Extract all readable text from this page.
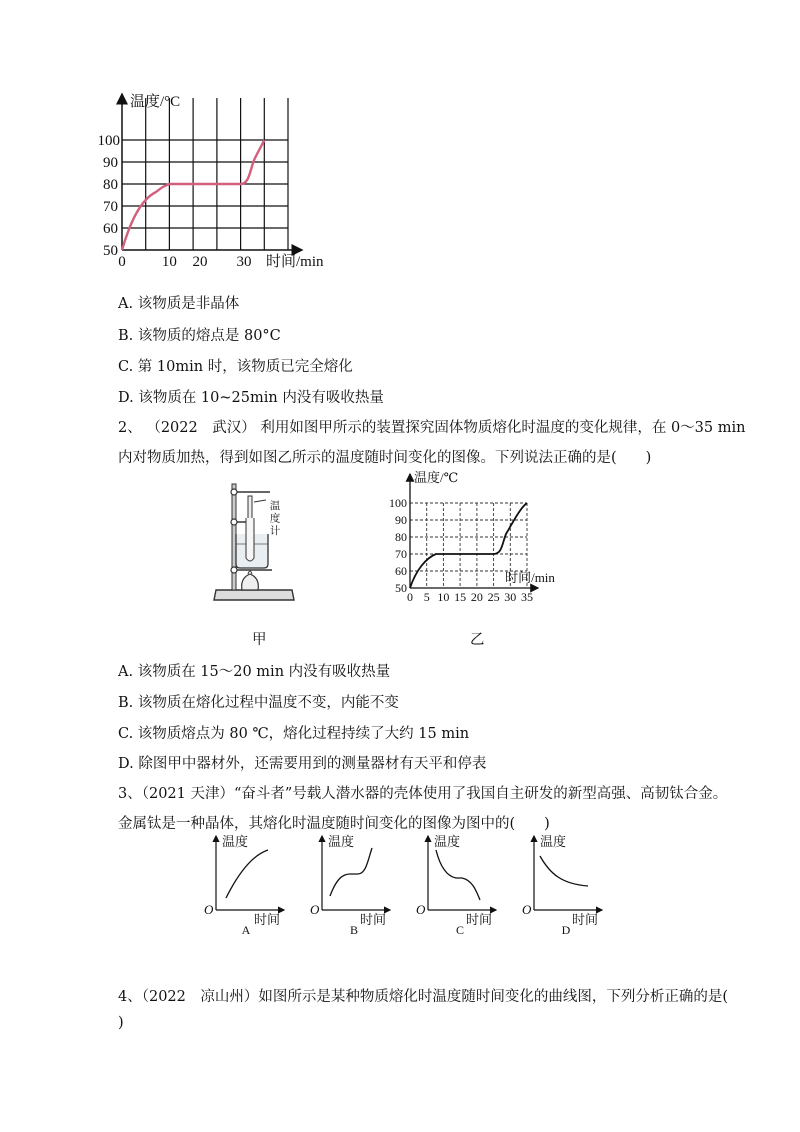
温度/°C
时间/min
50
60
70
80
90
100
0 10 20 30
A. 该物质是非晶体
B. 该物质的熔点是 80°C
C. 第 10min 时，该物质已完全熔化
D. 该物质在 10~25min 内没有吸收热量
2、 （2022　武汉） 利用如图甲所示的装置探究固体物质熔化时温度的变化规律，在 0～35 min
内对物质加热，得到如图乙所示的温度随时间变化的图像。下列说法正确的是(　　)
温度计
温度/℃
时间/min
50
60
70
80
90
100
0 5 10 15 20 25 30 35
甲	乙
A. 该物质在 15～20 min 内没有吸收热量
B. 该物质在熔化过程中温度不变，内能不变
C. 该物质熔点为 80 ℃，熔化过程持续了大约 15 min
D. 除图甲中器材外，还需要用到的测量器材有天平和停表
3、（2021 天津）“奋斗者”号载人潜水器的壳体使用了我国自主研发的新型高强、高韧钛合金。
金属钛是一种晶体，其熔化时温度随时间变化的图像为图中的(　　)
温度
时间
O
A
温度
时间
O
B
温度
时间
O
C
温度
时间
O
D
4、（2022　凉山州）如图所示是某种物质熔化时温度随时间变化的曲线图，下列分析正确的是(
)
